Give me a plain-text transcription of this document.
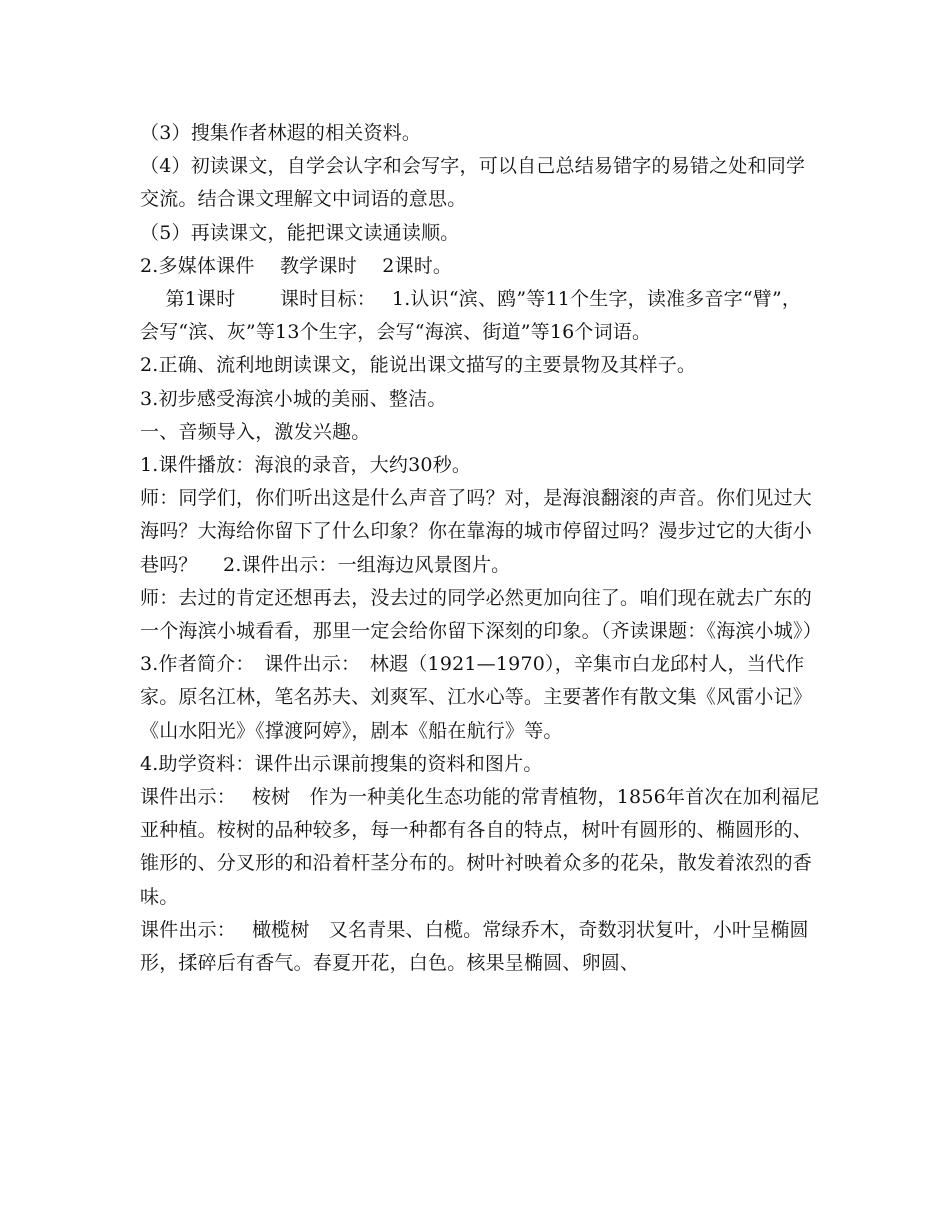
（3）搜集作者林遐的相关资料。

（4）初读课文，自学会认字和会写字，可以自己总结易错字的易错之处和同学交流。结合课文理解文中词语的意思。

（5）再读课文，能把课文读通读顺。

2.多媒体课件　 教学课时　 2课时。

　 第1课时　　 课时目标：　 1.认识“滨、鸥”等11个生字，读准多音字“臂”，会写“滨、灰”等13个生字，会写“海滨、街道”等16个词语。

2.正确、流利地朗读课文，能说出课文描写的主要景物及其样子。

3.初步感受海滨小城的美丽、整洁。

一、音频导入，激发兴趣。

1.课件播放：海浪的录音，大约30秒。

师：同学们，你们听出这是什么声音了吗？对，是海浪翻滚的声音。你们见过大海吗？大海给你留下了什么印象？你在靠海的城市停留过吗？漫步过它的大街小巷吗？　 2.课件出示：一组海边风景图片。

师：去过的肯定还想再去，没去过的同学必然更加向往了。咱们现在就去广东的一个海滨小城看看，那里一定会给你留下深刻的印象。（齐读课题：《海滨小城》）　3.作者简介：　课件出示：　林遐（1921—1970），辛集市白龙邱村人，当代作家。原名江林，笔名苏夫、刘爽军、江水心等。主要著作有散文集《风雷小记》《山水阳光》《撑渡阿婷》，剧本《船在航行》等。

4.助学资料：课件出示课前搜集的资料和图片。

课件出示：　 桉树　作为一种美化生态功能的常青植物，1856年首次在加利福尼亚种植。桉树的品种较多，每一种都有各自的特点，树叶有圆形的、椭圆形的、锥形的、分叉形的和沿着杆茎分布的。树叶衬映着众多的花朵，散发着浓烈的香味。

课件出示：　 橄榄树　又名青果、白榄。常绿乔木，奇数羽状复叶，小叶呈椭圆形，揉碎后有香气。春夏开花，白色。核果呈椭圆、卵圆、
